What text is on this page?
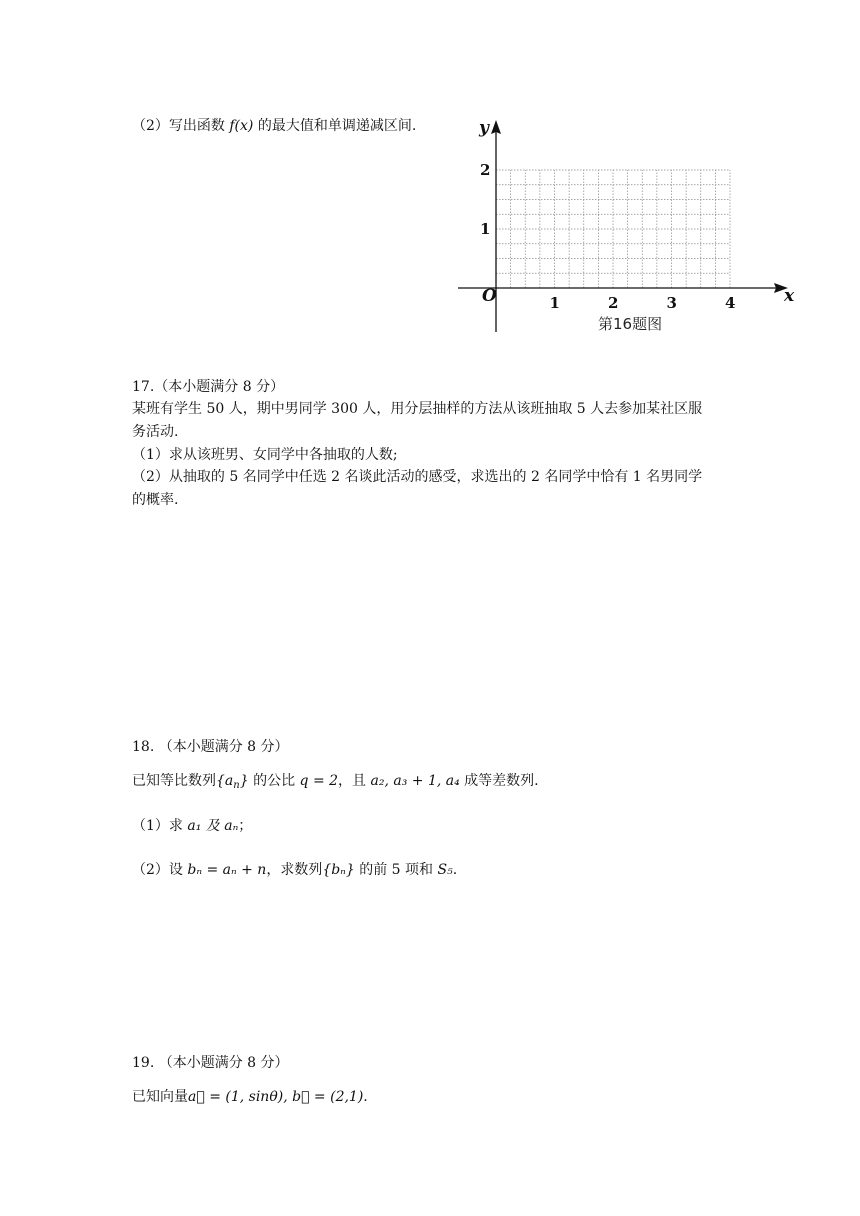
（2）写出函数 f(x) 的最大值和单调递减区间.
x
y
O	1	2	3	4
1
2
第16题图
17.（本小题满分 8 分）
某班有学生 50 人，期中男同学 300 人，用分层抽样的方法从该班抽取 5 人去参加某社区服
务活动.
（1）求从该班男、女同学中各抽取的人数;
（2）从抽取的 5 名同学中任选 2 名谈此活动的感受，求选出的 2 名同学中恰有 1 名男同学
的概率.
18. （本小题满分 8 分）
已知等比数列$\{a_n\}$ 的公比 q = 2，且 a₂, a₃ + 1, a₄ 成等差数列.
（1）求 a₁ 及 aₙ；
（2）设 bₙ = aₙ + n，求数列{bₙ} 的前 5 项和 S₅.
19. （本小题满分 8 分）
已知向量a⃗ = (1, sinθ), b⃗ = (2,1).
